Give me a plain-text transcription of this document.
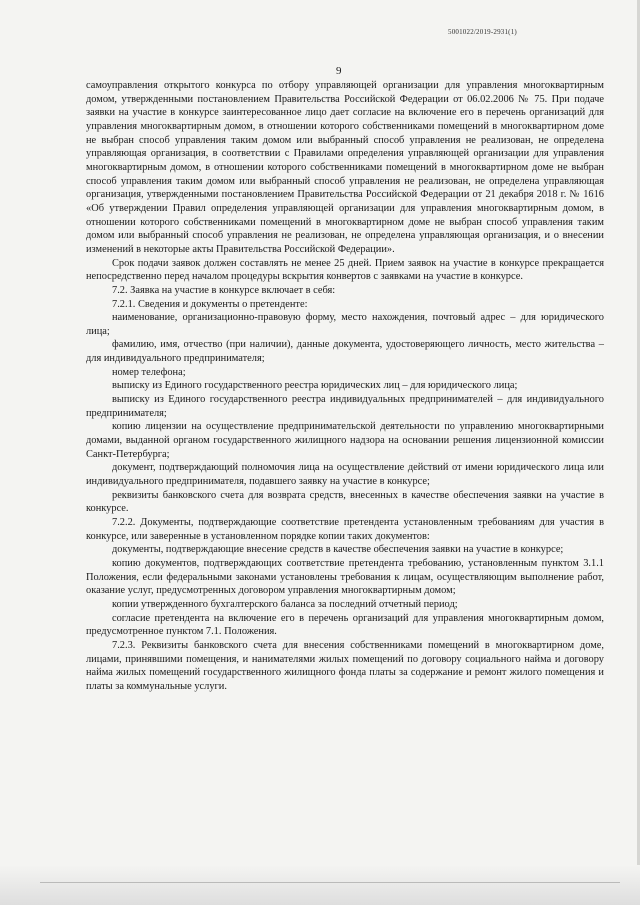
5001022/2019-2931(1)
9

самоуправления открытого конкурса по отбору управляющей организации для управления многоквартирным домом, утвержденными постановлением Правительства Российской Федерации от 06.02.2006 № 75. При подаче заявки на участие в конкурсе заинтересованное лицо дает согласие на включение его в перечень организаций для управления многоквартирным домом, в отношении которого собственниками помещений в многоквартирном доме не выбран способ управления таким домом или выбранный способ управления не реализован, не определена управляющая организация, в соответствии с Правилами определения управляющей организации для управления многоквартирным домом, в отношении которого собственниками помещений в многоквартирном доме не выбран способ управления таким домом или выбранный способ управления не реализован, не определена управляющая организация, утвержденными постановлением Правительства Российской Федерации от 21 декабря 2018 г. № 1616 «Об утверждении Правил определения управляющей организации для управления многоквартирным домом, в отношении которого собственниками помещений в многоквартирном доме не выбран способ управления таким домом или выбранный способ управления не реализован, не определена управляющая организация, и о внесении изменений в некоторые акты Правительства Российской Федерации».

Срок подачи заявок должен составлять не менее 25 дней. Прием заявок на участие в конкурсе прекращается непосредственно перед началом процедуры вскрытия конвертов с заявками на участие в конкурсе.

7.2. Заявка на участие в конкурсе включает в себя:

7.2.1. Сведения и документы о претенденте:

наименование, организационно-правовую форму, место нахождения, почтовый адрес – для юридического лица;

фамилию, имя, отчество (при наличии), данные документа, удостоверяющего личность, место жительства – для индивидуального предпринимателя;

номер телефона;

выписку из Единого государственного реестра юридических лиц – для юридического лица;

выписку из Единого государственного реестра индивидуальных предпринимателей – для индивидуального предпринимателя;

копию лицензии на осуществление предпринимательской деятельности по управлению многоквартирными домами, выданной органом государственного жилищного надзора на основании решения лицензионной комиссии Санкт-Петербурга;

документ, подтверждающий полномочия лица на осуществление действий от имени юридического лица или индивидуального предпринимателя, подавшего заявку на участие в конкурсе;

реквизиты банковского счета для возврата средств, внесенных в качестве обеспечения заявки на участие в конкурсе.

7.2.2. Документы, подтверждающие соответствие претендента установленным требованиям для участия в конкурсе, или заверенные в установленном порядке копии таких документов:

документы, подтверждающие внесение средств в качестве обеспечения заявки на участие в конкурсе;

копию документов, подтверждающих соответствие претендента требованию, установленным пунктом 3.1.1 Положения, если федеральными законами установлены требования к лицам, осуществляющим выполнение работ, оказание услуг, предусмотренных договором управления многоквартирным домом;

копии утвержденного бухгалтерского баланса за последний отчетный период;

согласие претендента на включение его в перечень организаций для управления многоквартирным домом, предусмотренное пунктом 7.1. Положения.

7.2.3. Реквизиты банковского счета для внесения собственниками помещений в многоквартирном доме, лицами, принявшими помещения, и нанимателями жилых помещений по договору социального найма и договору найма жилых помещений государственного жилищного фонда платы за содержание и ремонт жилого помещения и платы за коммунальные услуги.
